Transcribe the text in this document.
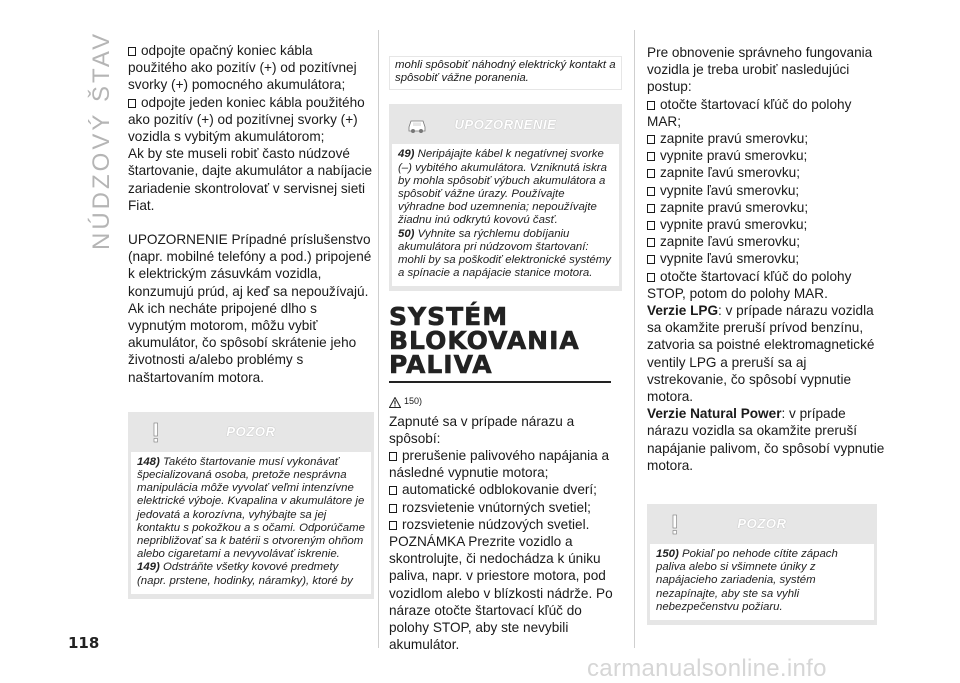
NÚDZOVÝ ŠTAV	odpojte opačný koniec kábla použitého ako pozitív (+) od pozitívnej svorky (+) pomocného akumulátora;

odpojte jeden koniec kábla použitého ako pozitív (+) od pozitívnej svorky (+) vozidla s vybitým akumulátorom;

Ak by ste museli robiť často núdzové štartovanie, dajte akumulátor a nabíjacie zariadenie skontrolovať v servisnej sieti Fiat.

UPOZORNENIE Prípadné príslušenstvo (napr. mobilné telefóny a pod.) pripojené k elektrickým zásuvkám vozidla, konzumujú prúd, aj keď sa nepoužívajú. Ak ich necháte pripojené dlho s vypnutým motorom, môžu vybiť akumulátor, čo spôsobí skrátenie jeho životnosti a/alebo problémy s naštartovaním motora.

POZOR

148) Takéto štartovanie musí vykonávať špecializovaná osoba, pretože nesprávna manipulácia môže vyvolať veľmi intenzívne elektrické výboje. Kvapalina v akumulátore je jedovatá a korozívna, vyhýbajte sa jej kontaktu s pokožkou a s očami. Odporúčame nepribližovať sa k batérii s otvoreným ohňom alebo cigaretami a nevyvolávať iskrenie.

149) Odstráňte všetky kovové predmety (napr. prstene, hodinky, náramky), ktoré by

mohli spôsobiť náhodný elektrický kontakt a spôsobiť vážne poranenia.

UPOZORNENIE

49) Neripájajte kábel k negatívnej svorke (–) vybitého akumulátora. Vzniknutá iskra by mohla spôsobiť výbuch akumulátora a spôsobiť vážne úrazy. Používajte výhradne bod uzemnenia; nepoužívajte žiadnu inú odkrytú kovovú časť.

50) Vyhnite sa rýchlemu dobíjaniu akumulátora pri núdzovom štartovaní: mohli by sa poškodiť elektronické systémy a spínacie a napájacie stanice motora.

SYSTÉM
BLOKOVANIA
PALIVA
150)

Zapnuté sa v prípade nárazu a spôsobí:

prerušenie palivového napájania a následné vypnutie motora;

automatické odblokovanie dverí;

rozsvietenie vnútorných svetiel;

rozsvietenie núdzových svetiel.

POZNÁMKA Prezrite vozidlo a skontrolujte, či nedochádza k úniku paliva, napr. v priestore motora, pod vozidlom alebo v blízkosti nádrže. Po náraze otočte štartovací kľúč do polohy STOP, aby ste nevybili akumulátor.

Pre obnovenie správneho fungovania vozidla je treba urobiť nasledujúci postup:

otočte štartovací kľúč do polohy MAR;

zapnite pravú smerovku;

vypnite pravú smerovku;

zapnite ľavú smerovku;

vypnite ľavú smerovku;

zapnite pravú smerovku;

vypnite pravú smerovku;

zapnite ľavú smerovku;

vypnite ľavú smerovku;

otočte štartovací kľúč do polohy STOP, potom do polohy MAR.

Verzie LPG: v prípade nárazu vozidla sa okamžite preruší prívod benzínu, zatvoria sa poistné elektromagnetické ventily LPG a preruší sa aj vstrekovanie, čo spôsobí vypnutie motora.

Verzie Natural Power: v prípade nárazu vozidla sa okamžite preruší napájanie palivom, čo spôsobí vypnutie motora.

POZOR

150) Pokiaľ po nehode cítite zápach paliva alebo si všimnete úniky z napájacieho zariadenia, systém nezapínajte, aby ste sa vyhli nebezpečenstvu požiaru.

118
carmanualsonline.info
